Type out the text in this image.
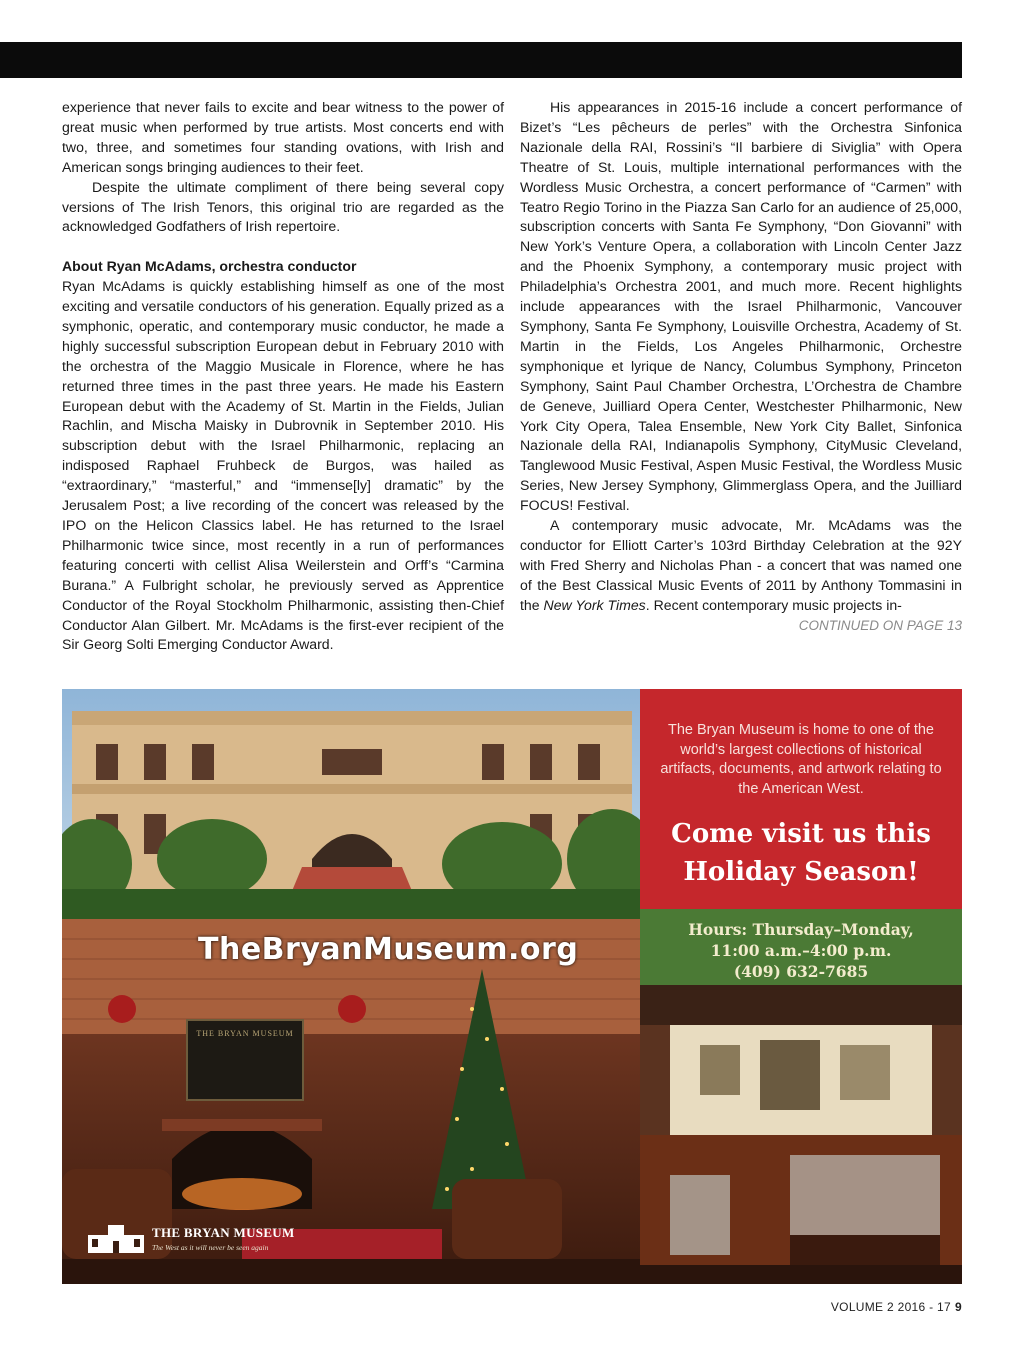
experience that never fails to excite and bear witness to the power of great music when performed by true artists. Most concerts end with two, three, and sometimes four standing ovations, with Irish and American songs bringing audiences to their feet.

Despite the ultimate compliment of there being several copy versions of The Irish Tenors, this original trio are regarded as the acknowledged Godfathers of Irish repertoire.

About Ryan McAdams, orchestra conductor

Ryan McAdams is quickly establishing himself as one of the most exciting and versatile conductors of his generation. Equally prized as a symphonic, operatic, and contemporary music conductor, he made a highly successful subscription European debut in February 2010 with the orchestra of the Maggio Musicale in Florence, where he has returned three times in the past three years. He made his Eastern European debut with the Academy of St. Martin in the Fields, Julian Rachlin, and Mischa Maisky in Dubrovnik in September 2010. His subscription debut with the Israel Philharmonic, replacing an indisposed Raphael Fruhbeck de Burgos, was hailed as “extraordinary,” “masterful,” and “immense[ly] dramatic” by the Jerusalem Post; a live recording of the concert was released by the IPO on the Helicon Classics label. He has returned to the Israel Philharmonic twice since, most recently in a run of performances featuring concerti with cellist Alisa Weilerstein and Orff’s “Carmina Burana.” A Fulbright scholar, he previously served as Apprentice Conductor of the Royal Stockholm Philharmonic, assisting then-Chief Conductor Alan Gilbert. Mr. McAdams is the first-ever recipient of the Sir Georg Solti Emerging Conductor Award.

His appearances in 2015-16 include a concert performance of Bizet’s “Les pêcheurs de perles” with the Orchestra Sinfonica Nazionale della RAI, Rossini’s “Il barbiere di Siviglia” with Opera Theatre of St. Louis, multiple international performances with the Wordless Music Orchestra, a concert performance of “Carmen” with Teatro Regio Torino in the Piazza San Carlo for an audience of 25,000, subscription concerts with Santa Fe Symphony, “Don Giovanni” with New York’s Venture Opera, a collaboration with Lincoln Center Jazz and the Phoenix Symphony, a contemporary music project with Philadelphia’s Orchestra 2001, and much more. Recent highlights include appearances with the Israel Philharmonic, Vancouver Symphony, Santa Fe Symphony, Louisville Orchestra, Academy of St. Martin in the Fields, Los Angeles Philharmonic, Orchestre symphonique et lyrique de Nancy, Columbus Symphony, Princeton Symphony, Saint Paul Chamber Orchestra, L’Orchestra de Chambre de Geneve, Juilliard Opera Center, Westchester Philharmonic, New York City Opera, Talea Ensemble, New York City Ballet, Sinfonica Nazionale della RAI, Indianapolis Symphony, CityMusic Cleveland, Tanglewood Music Festival, Aspen Music Festival, the Wordless Music Series, New Jersey Symphony, Glimmerglass Opera, and the Juilliard FOCUS! Festival.

A contemporary music advocate, Mr. McAdams was the conductor for Elliott Carter’s 103rd Birthday Celebration at the 92Y with Fred Sherry and Nicholas Phan - a concert that was named one of the Best Classical Music Events of 2011 by Anthony Tommasini in the New York Times. Recent contemporary music projects in-

CONTINUED ON PAGE 13

TheBryanMuseum.org
THE BRYAN MUSEUM
THE BRYAN MUSEUM
The West as it will never be seen again
The Bryan Museum is home to one of the world’s largest collections of historical artifacts, documents, and artwork relating to the American West.
Come visit us this
Holiday Season!
Hours: Thursday–Monday,
11:00 a.m.–4:00 p.m.
(409) 632-7685
VOLUME 2 2016 - 17 9
